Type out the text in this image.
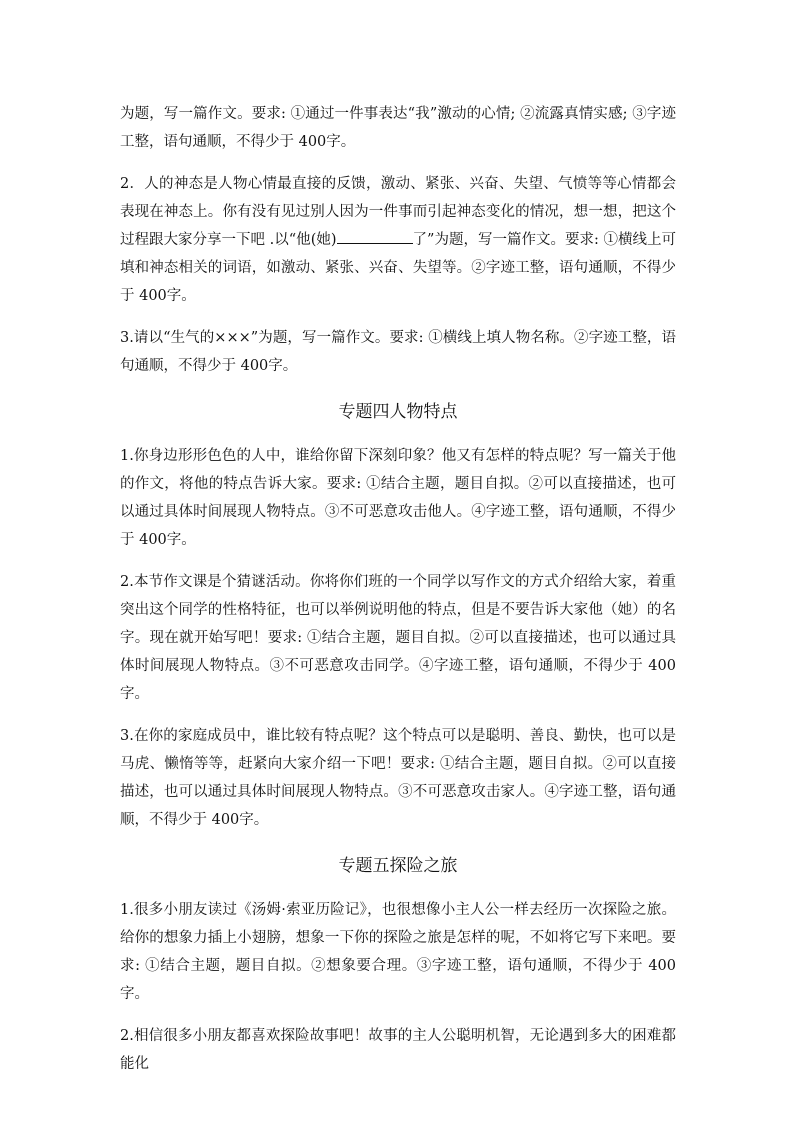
为题，写一篇作文。要求: ①通过一件事表达“我”激动的心情; ②流露真情实感; ③字迹工整，语句通顺，不得少于 400字。

2．人的神态是人物心情最直接的反馈，激动、紧张、兴奋、失望、气愤等等心情都会表现在神态上。你有没有见过别人因为一件事而引起神态变化的情况，想一想，把这个过程跟大家分享一下吧 .以“他(她)	了”为题，写一篇作文。要求: ①横线上可填和神态相关的词语，如激动、紧张、兴奋、失望等。②字迹工整，语句通顺，不得少于 400字。

3.请以“生气的×××”为题，写一篇作文。要求: ①横线上填人物名称。②字迹工整，语句通顺，不得少于 400字。

专题四人物特点

1.你身边形形色色的人中，谁给你留下深刻印象？他又有怎样的特点呢？写一篇关于他的作文，将他的特点告诉大家。要求: ①结合主题，题目自拟。②可以直接描述，也可以通过具体时间展现人物特点。③不可恶意攻击他人。④字迹工整，语句通顺，不得少于 400字。

2.本节作文课是个猜谜活动。你将你们班的一个同学以写作文的方式介绍给大家，着重突出这个同学的性格特征，也可以举例说明他的特点，但是不要告诉大家他（她）的名字。现在就开始写吧！要求: ①结合主题，题目自拟。②可以直接描述，也可以通过具体时间展现人物特点。③不可恶意攻击同学。④字迹工整，语句通顺，不得少于 400字。

3.在你的家庭成员中，谁比较有特点呢？这个特点可以是聪明、善良、勤快，也可以是马虎、懒惰等等，赶紧向大家介绍一下吧！要求: ①结合主题，题目自拟。②可以直接描述，也可以通过具体时间展现人物特点。③不可恶意攻击家人。④字迹工整，语句通顺，不得少于 400字。

专题五探险之旅

1.很多小朋友读过《汤姆·索亚历险记》，也很想像小主人公一样去经历一次探险之旅。给你的想象力插上小翅膀，想象一下你的探险之旅是怎样的呢，不如将它写下来吧。要求: ①结合主题，题目自拟。②想象要合理。③字迹工整，语句通顺，不得少于 400字。

2.相信很多小朋友都喜欢探险故事吧！故事的主人公聪明机智，无论遇到多大的困难都能化
